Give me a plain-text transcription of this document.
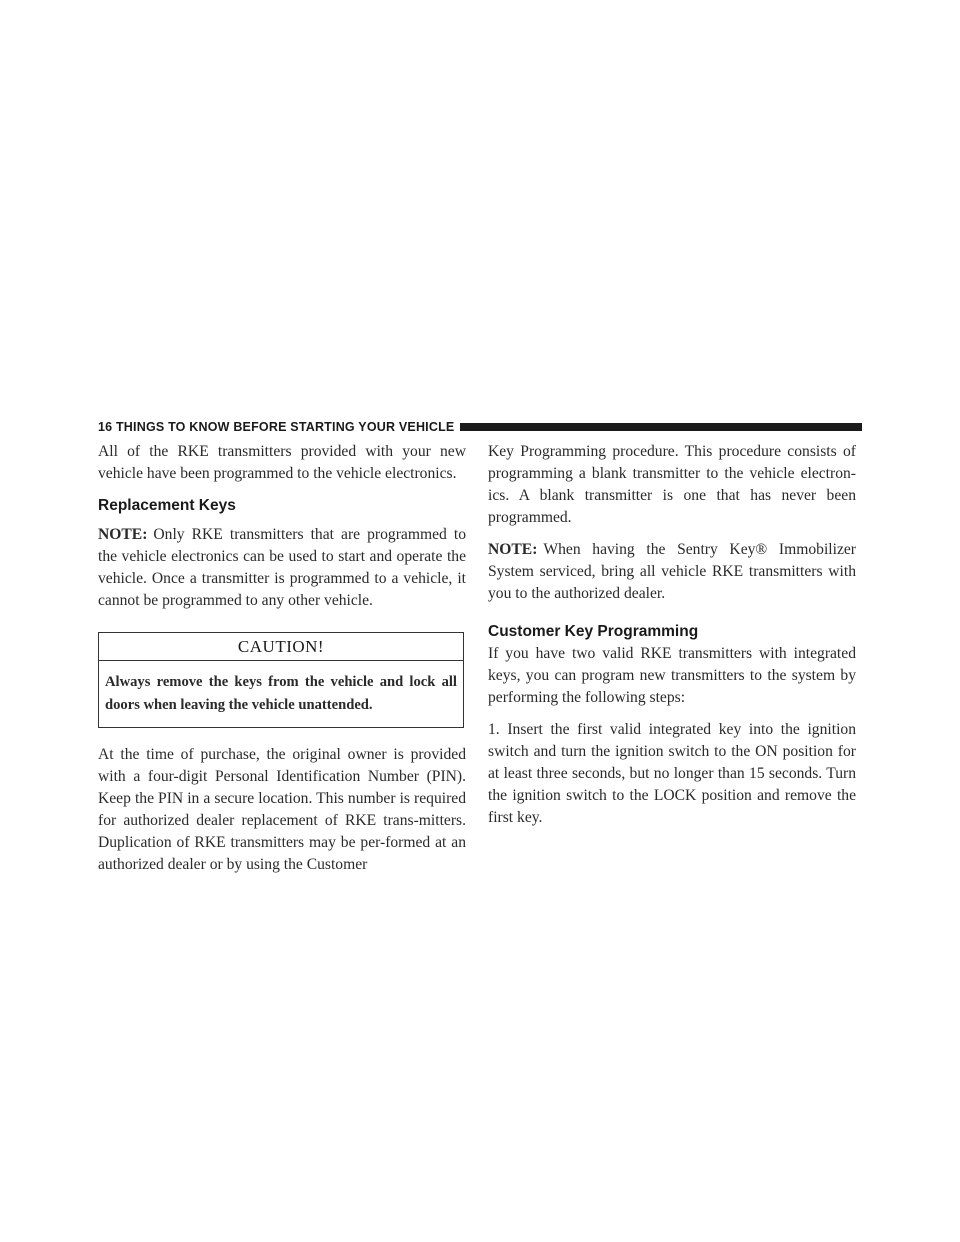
16 THINGS TO KNOW BEFORE STARTING YOUR VEHICLE

All of the RKE transmitters provided with your new vehicle have been programmed to the vehicle electronics.

Replacement Keys

NOTE: Only RKE transmitters that are programmed to the vehicle electronics can be used to start and operate the vehicle. Once a transmitter is programmed to a vehicle, it cannot be programmed to any other vehicle.

CAUTION!
Always remove the keys from the vehicle and lock all doors when leaving the vehicle unattended.

At the time of purchase, the original owner is provided with a four-digit Personal Identification Number (PIN). Keep the PIN in a secure location. This number is required for authorized dealer replacement of RKE trans-mitters. Duplication of RKE transmitters may be per-formed at an authorized dealer or by using the Customer

Key Programming procedure. This procedure consists of programming a blank transmitter to the vehicle electron-ics. A blank transmitter is one that has never been programmed.

NOTE: When having the Sentry Key® Immobilizer System serviced, bring all vehicle RKE transmitters with you to the authorized dealer.

Customer Key Programming

If you have two valid RKE transmitters with integrated keys, you can program new transmitters to the system by performing the following steps:

1. Insert the first valid integrated key into the ignition switch and turn the ignition switch to the ON position for at least three seconds, but no longer than 15 seconds. Turn the ignition switch to the LOCK position and remove the first key.
